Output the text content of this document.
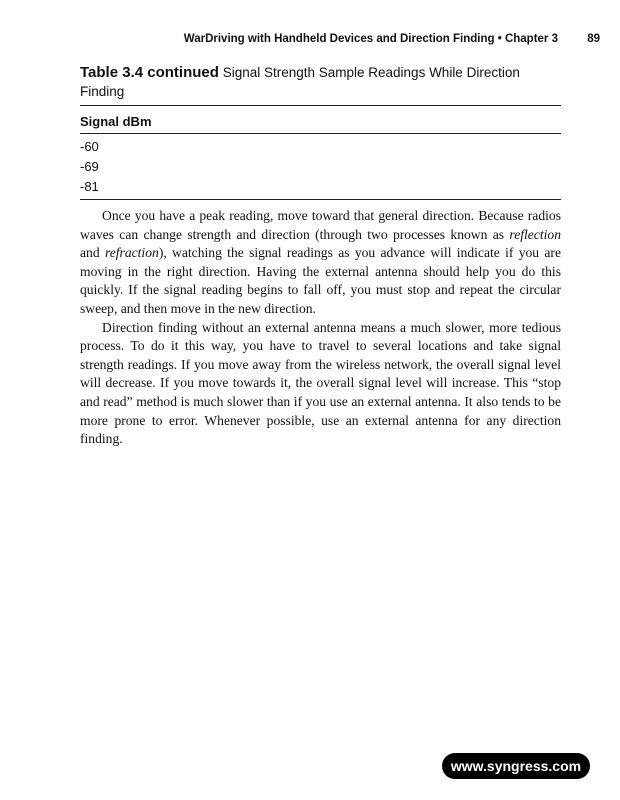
WarDriving with Handheld Devices and Direction Finding • Chapter 3	89
Table 3.4 continued Signal Strength Sample Readings While Direction Finding
Signal dBm
-60
-69
-81

Once you have a peak reading, move toward that general direction. Because radios waves can change strength and direction (through two processes known as reflection and refraction), watching the signal readings as you advance will indicate if you are moving in the right direction. Having the external antenna should help you do this quickly. If the signal reading begins to fall off, you must stop and repeat the circular sweep, and then move in the new direction.

Direction finding without an external antenna means a much slower, more tedious process. To do it this way, you have to travel to several locations and take signal strength readings. If you move away from the wireless network, the overall signal level will decrease. If you move towards it, the overall signal level will increase. This “stop and read” method is much slower than if you use an external antenna. It also tends to be more prone to error. Whenever possible, use an external antenna for any direction finding.

www.syngress.com
